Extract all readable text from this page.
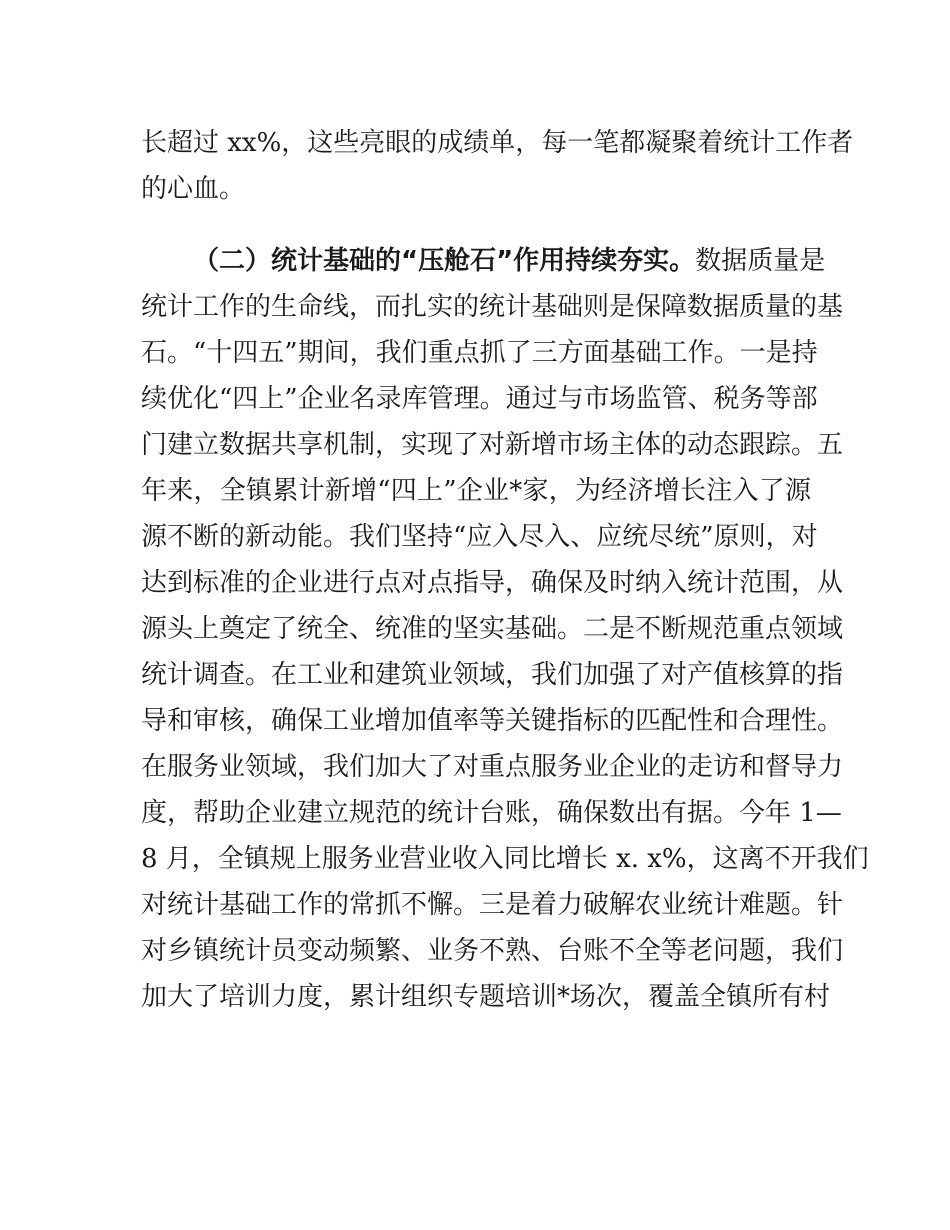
长超过 xx%，这些亮眼的成绩单，每一笔都凝聚着统计工作者
的心血。
（二）统计基础的“压舱石”作用持续夯实。数据质量是
统计工作的生命线，而扎实的统计基础则是保障数据质量的基
石。“十四五”期间，我们重点抓了三方面基础工作。一是持
续优化“四上”企业名录库管理。通过与市场监管、税务等部
门建立数据共享机制，实现了对新增市场主体的动态跟踪。五
年来，全镇累计新增“四上”企业*家，为经济增长注入了源
源不断的新动能。我们坚持“应入尽入、应统尽统”原则，对
达到标准的企业进行点对点指导，确保及时纳入统计范围，从
源头上奠定了统全、统准的坚实基础。二是不断规范重点领域
统计调查。在工业和建筑业领域，我们加强了对产值核算的指
导和审核，确保工业增加值率等关键指标的匹配性和合理性。
在服务业领域，我们加大了对重点服务业企业的走访和督导力
度，帮助企业建立规范的统计台账，确保数出有据。今年 1—
8 月，全镇规上服务业营业收入同比增长 x. x%，这离不开我们
对统计基础工作的常抓不懈。三是着力破解农业统计难题。针
对乡镇统计员变动频繁、业务不熟、台账不全等老问题，我们
加大了培训力度，累计组织专题培训*场次，覆盖全镇所有村
